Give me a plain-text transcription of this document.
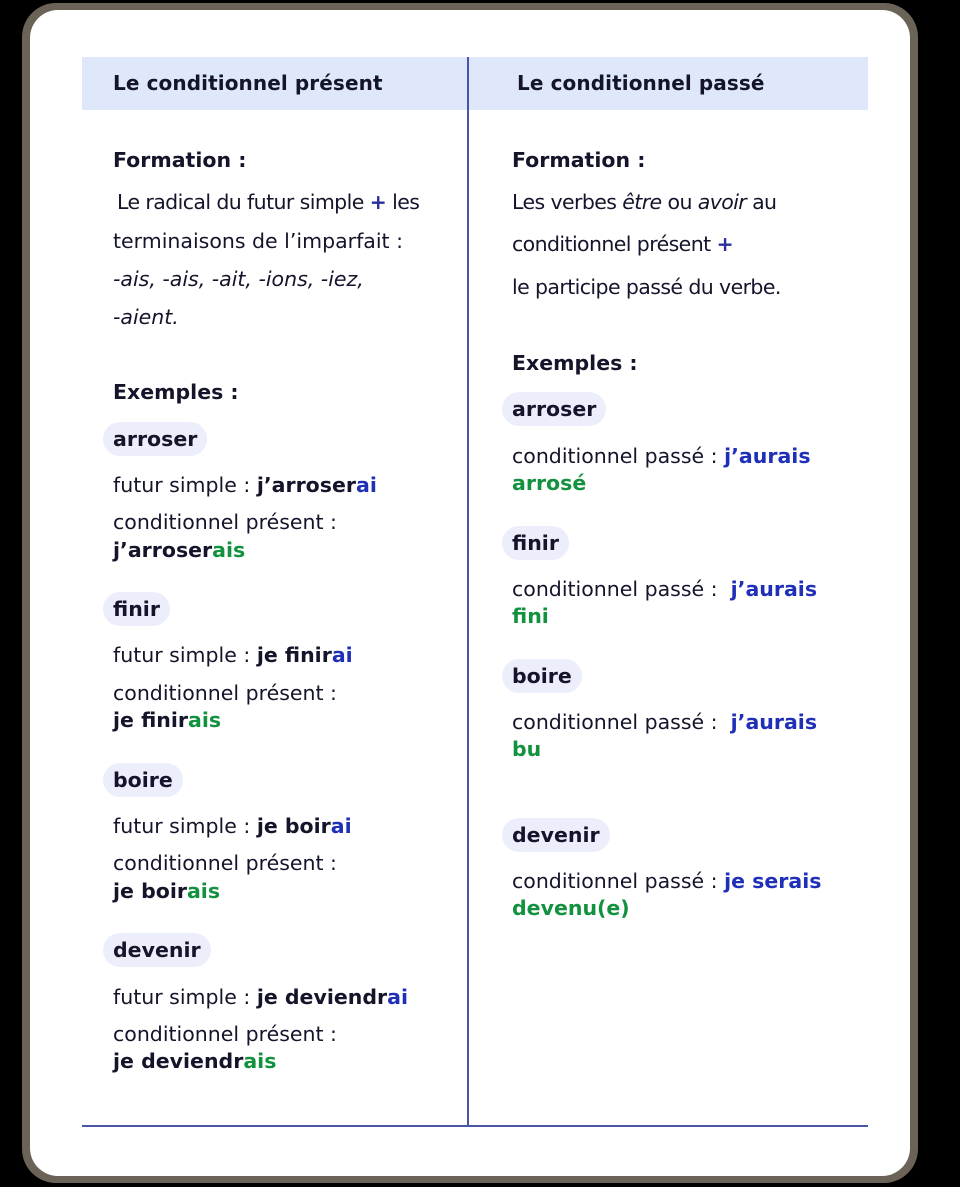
Le conditionnel présent	Le conditionnel passé
Formation :
Le radical du futur simple + les
terminaisons de l’imparfait :
-ais, -ais, -ait, -ions, -iez,
-aient.
Exemples :
arroser
futur simple : j’arroserai
conditionnel présent :
j’arroserais
finir
futur simple : je finirai
conditionnel présent :
je finirais
boire
futur simple : je boirai
conditionnel présent :
je boirais
devenir
futur simple : je deviendrai
conditionnel présent :
je deviendrais
Formation :
Les verbes être ou avoir au
conditionnel présent +
le participe passé du verbe.
Exemples :
arroser
conditionnel passé : j’aurais
arrosé
finir
conditionnel passé : j’aurais
fini
boire
conditionnel passé : j’aurais
bu
devenir
conditionnel passé : je serais
devenu(e)
